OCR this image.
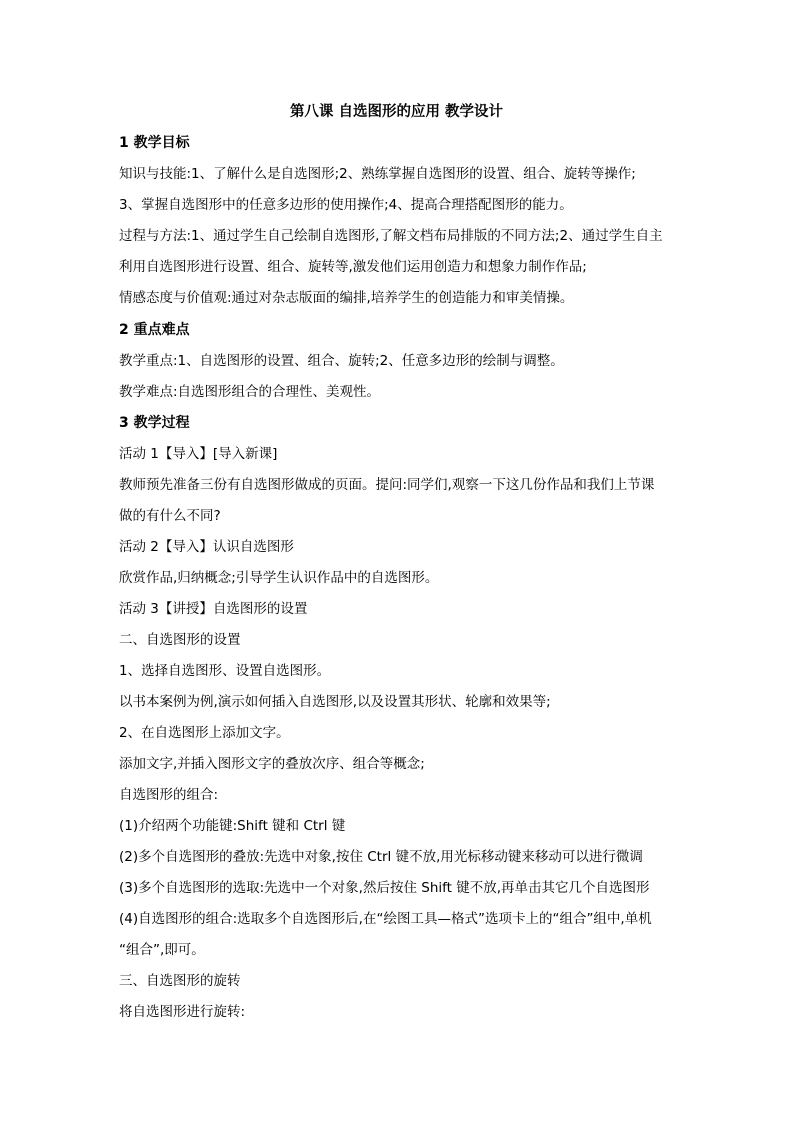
第八课 自选图形的应用 教学设计
1 教学目标
知识与技能:1、了解什么是自选图形;2、熟练掌握自选图形的设置、组合、旋转等操作;
3、掌握自选图形中的任意多边形的使用操作;4、提高合理搭配图形的能力。
过程与方法:1、通过学生自己绘制自选图形,了解文档布局排版的不同方法;2、通过学生自主
利用自选图形进行设置、组合、旋转等,激发他们运用创造力和想象力制作作品;
情感态度与价值观:通过对杂志版面的编排,培养学生的创造能力和审美情操。
2 重点难点
教学重点:1、自选图形的设置、组合、旋转;2、任意多边形的绘制与调整。
教学难点:自选图形组合的合理性、美观性。
3 教学过程
活动 1【导入】[导入新课]
教师预先准备三份有自选图形做成的页面。提问:同学们,观察一下这几份作品和我们上节课
做的有什么不同?
活动 2【导入】认识自选图形
欣赏作品,归纳概念;引导学生认识作品中的自选图形。
活动 3【讲授】自选图形的设置
二、自选图形的设置
1、选择自选图形、设置自选图形。
以书本案例为例,演示如何插入自选图形,以及设置其形状、轮廓和效果等;
2、在自选图形上添加文字。
添加文字,并插入图形文字的叠放次序、组合等概念;
自选图形的组合:
(1)介绍两个功能键:Shift 键和 Ctrl 键
(2)多个自选图形的叠放:先选中对象,按住 Ctrl 键不放,用光标移动键来移动可以进行微调
(3)多个自选图形的选取:先选中一个对象,然后按住 Shift 键不放,再单击其它几个自选图形
(4)自选图形的组合:选取多个自选图形后,在“绘图工具—格式”选项卡上的“组合”组中,单机
“组合”,即可。
三、自选图形的旋转
将自选图形进行旋转:
